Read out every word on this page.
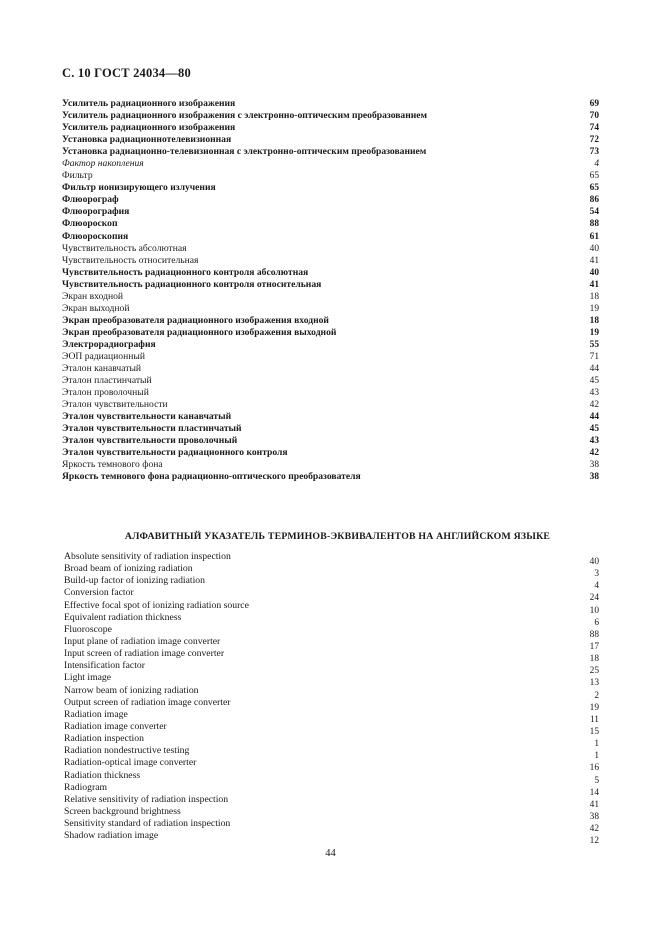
С. 10 ГОСТ 24034—80
Усилитель радиационного изображения	69
Усилитель радиационного изображения с электронно-оптическим преобразованием	70
Усилитель радиационного изображения	74
Установка радиационнотелевизионная	72
Установка радиационно-телевизионная с электронно-оптическим преобразованием	73
Фактор накопления	4
Фильтр	65
Фильтр ионизирующего излучения	65
Флюорограф	86
Флюорография	54
Флюороскоп	88
Флюороскопия	61
Чувствительность абсолютная	40
Чувствительность относительная	41
Чувствительность радиационного контроля абсолютная	40
Чувствительность радиационного контроля относительная	41
Экран входной	18
Экран выходной	19
Экран преобразователя радиационного изображения входной	18
Экран преобразователя радиационного изображения выходной	19
Электрорадиография	55
ЭОП радиационный	71
Эталон канавчатый	44
Эталон пластинчатый	45
Эталон проволочный	43
Эталон чувствительности	42
Эталон чувствительности канавчатый	44
Эталон чувствительности пластинчатый	45
Эталон чувствительности проволочный	43
Эталон чувствительности радиационного контроля	42
Яркость темнового фона	38
Яркость темнового фона радиационно-оптического преобразователя	38
АЛФАВИТНЫЙ УКАЗАТЕЛЬ ТЕРМИНОВ-ЭКВИВАЛЕНТОВ НА АНГЛИЙСКОМ ЯЗЫКЕ
Absolute sensitivity of radiation inspection	40
Broad beam of ionizing radiation	3
Build-up factor of ionizing radiation	4
Conversion factor	24
Effective focal spot of ionizing radiation source	10
Equivalent radiation thickness	6
Fluoroscope	88
Input plane of radiation image converter	17
Input screen of radiation image converter	18
Intensification factor	25
Light image	13
Narrow beam of ionizing radiation	2
Output screen of radiation image converter	19
Radiation image	11
Radiation image converter	15
Radiation inspection	1
Radiation nondestructive testing	1
Radiation-optical image converter	16
Radiation thickness	5
Radiogram	14
Relative sensitivity of radiation inspection	41
Screen background brightness	38
Sensitivity standard of radiation inspection	42
Shadow radiation image	12
44
